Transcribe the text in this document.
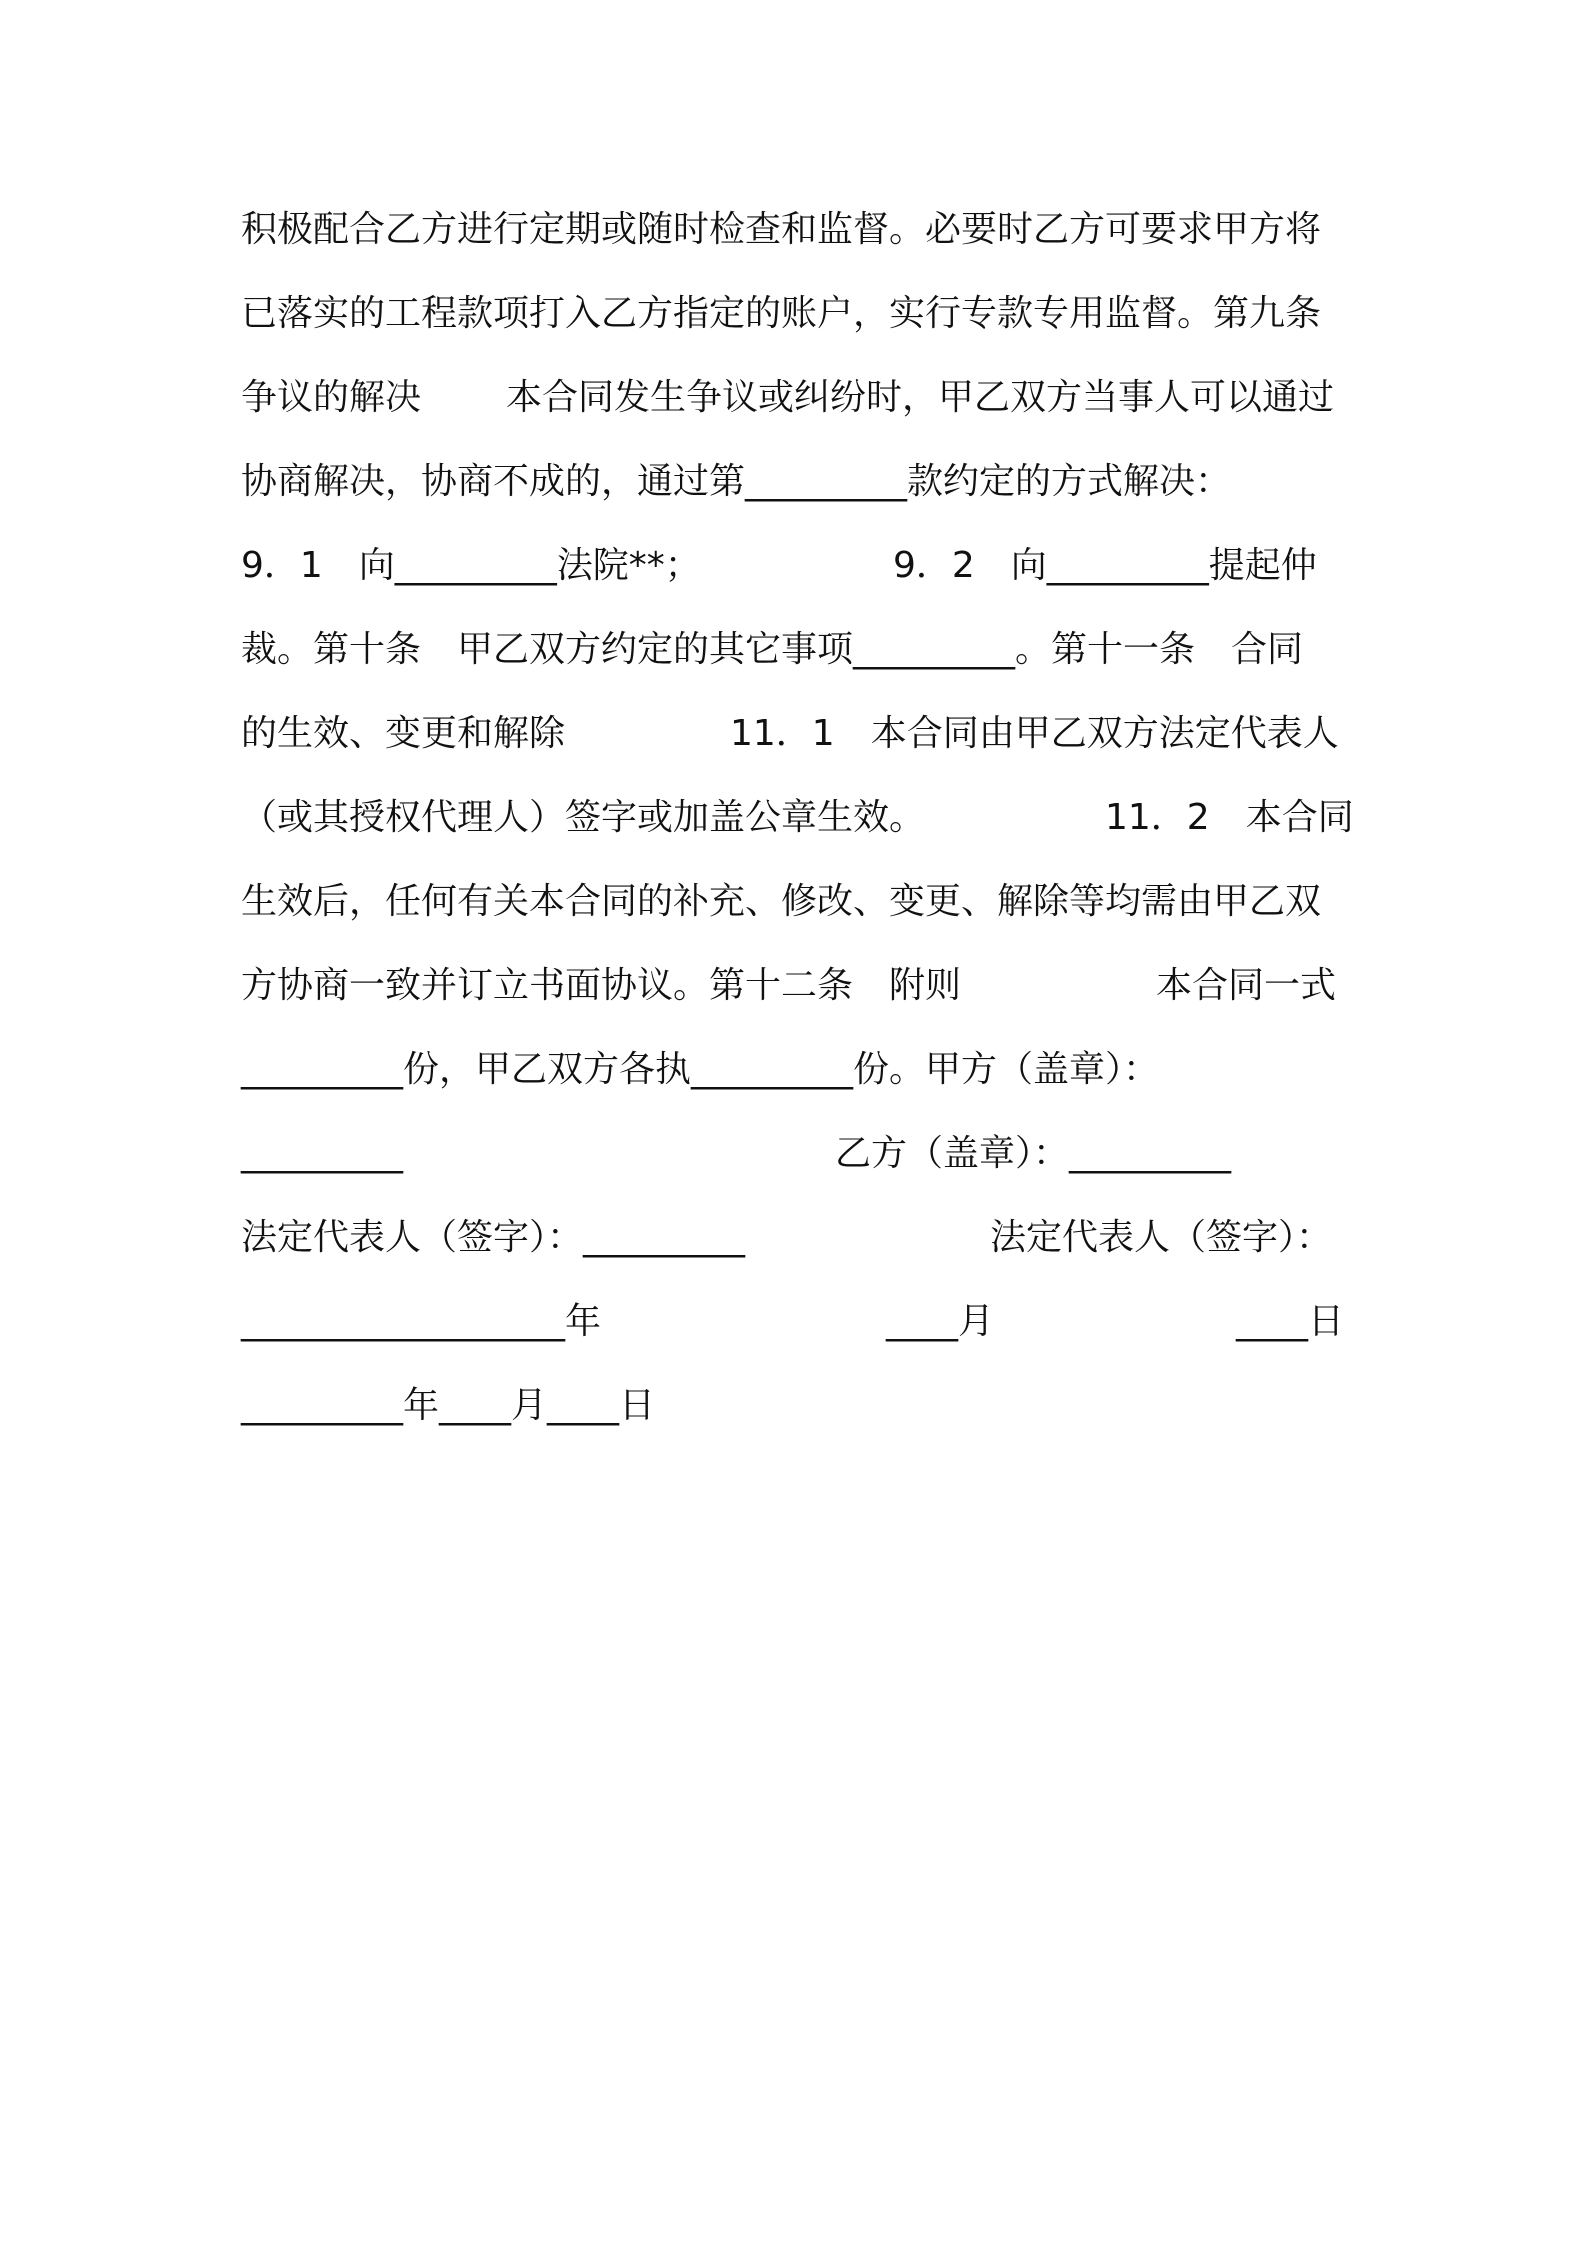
积极配合乙方进行定期或随时检查和监督。必要时乙方可要求甲方将

已落实的工程款项打入乙方指定的账户，实行专款专用监督。第九条

争议的解决

本合同发生争议或纠纷时，甲乙双方当事人可以通过

协商解决，协商不成的，通过第_________款约定的方式解决：

9．1　向_________法院**；

	9．2　向_________提起仲

裁。第十条　甲乙双方约定的其它事项_________。第十一条　合同

的生效、变更和解除

	11．1　本合同由甲乙双方法定代表人

（或其授权代理人）签字或加盖公章生效。

	11．2　本合同

生效后，任何有关本合同的补充、修改、变更、解除等均需由甲乙双

方协商一致并订立书面协议。第十二条　附则

	本合同一式

_________份，甲乙双方各执_________份。甲方（盖章）：

_________

	乙方（盖章）：_________

法定代表人（签字）：_________

	法定代表人（签字）：

__________________年

	____月

	____日

_________年____月____日
